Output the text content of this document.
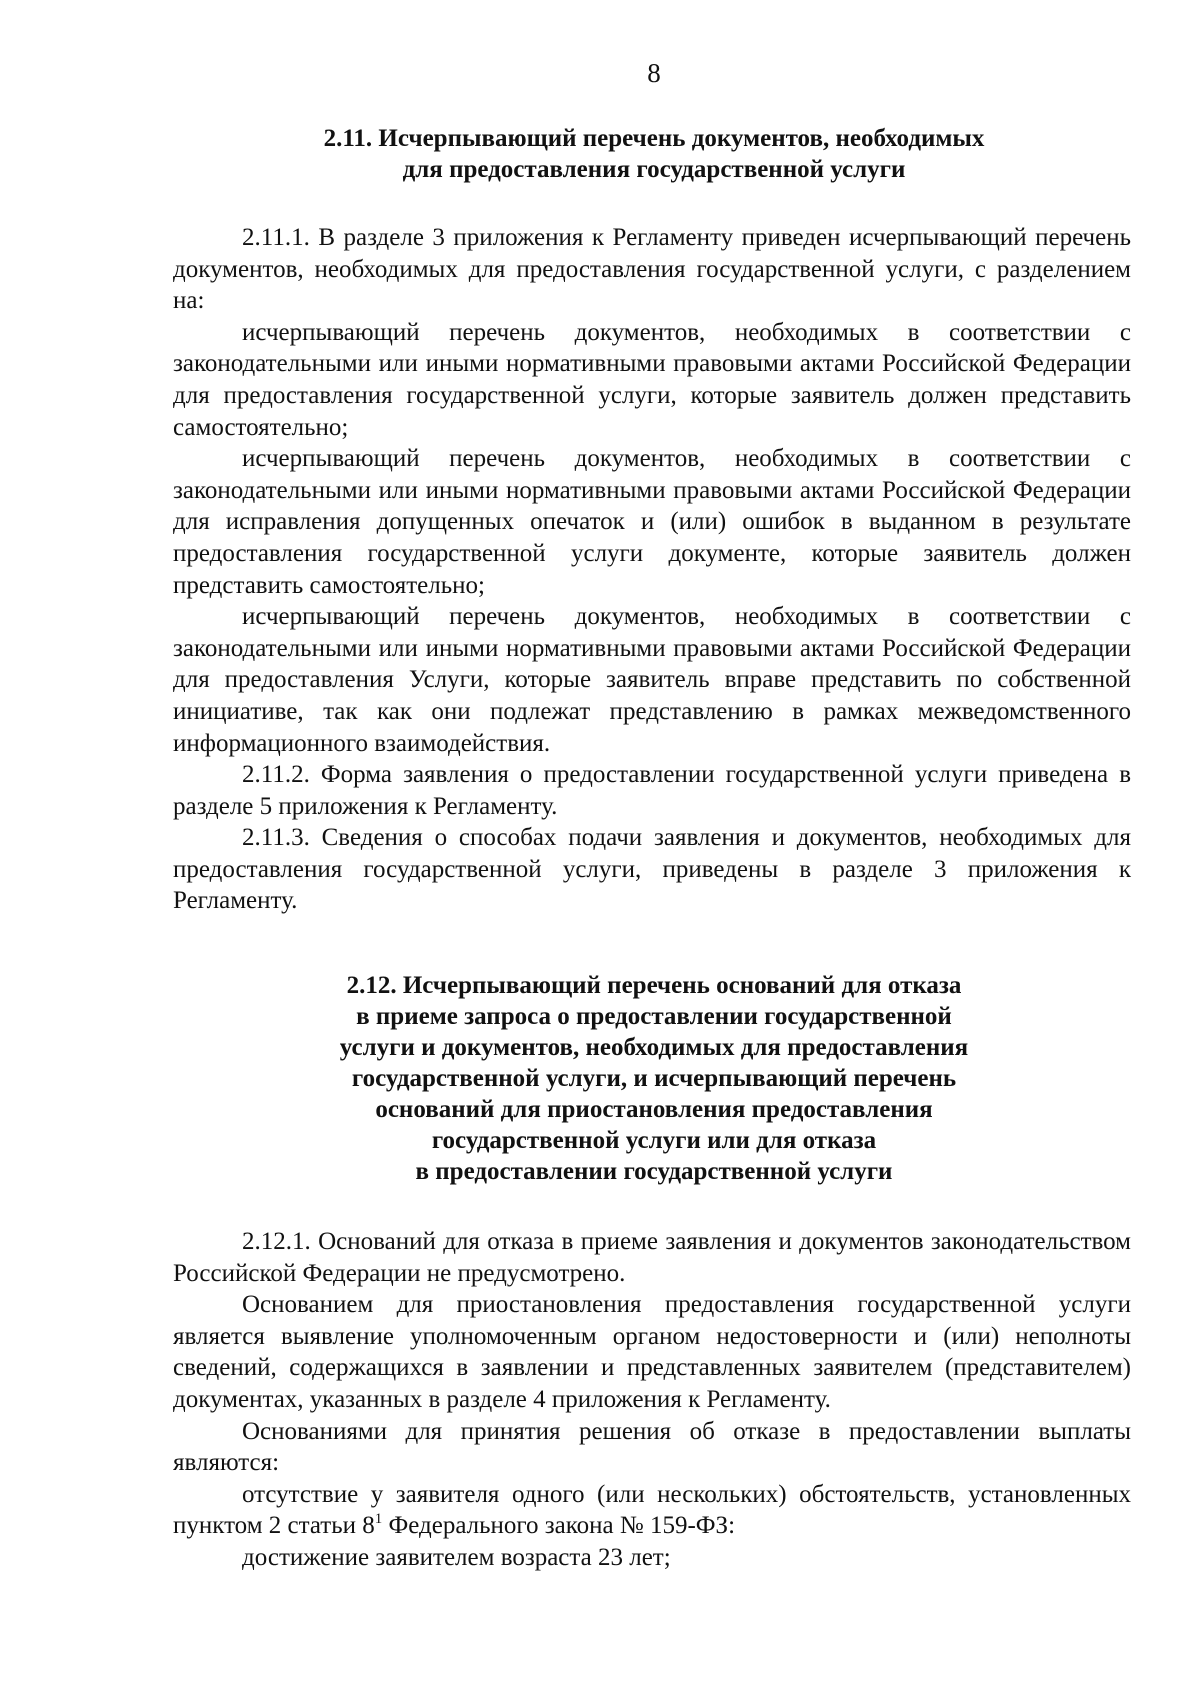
8
2.11. Исчерпывающий перечень документов, необходимых
для предоставления государственной услуги

2.11.1. В разделе 3 приложения к Регламенту приведен исчерпывающий перечень документов, необходимых для предоставления государственной услуги, с разделением на:

исчерпывающий перечень документов, необходимых в соответствии с законодательными или иными нормативными правовыми актами Российской Федерации для предоставления государственной услуги, которые заявитель должен представить самостоятельно;

исчерпывающий перечень документов, необходимых в соответствии с законодательными или иными нормативными правовыми актами Российской Федерации для исправления допущенных опечаток и (или) ошибок в выданном в результате предоставления государственной услуги документе, которые заявитель должен представить самостоятельно;

исчерпывающий перечень документов, необходимых в соответствии с законодательными или иными нормативными правовыми актами Российской Федерации для предоставления Услуги, которые заявитель вправе представить по собственной инициативе, так как они подлежат представлению в рамках межведомственного информационного взаимодействия.

2.11.2. Форма заявления о предоставлении государственной услуги приведена в разделе 5 приложения к Регламенту.

2.11.3. Сведения о способах подачи заявления и документов, необходимых для предоставления государственной услуги, приведены в разделе 3 приложения к Регламенту.

2.12. Исчерпывающий перечень оснований для отказа
в приеме запроса о предоставлении государственной
услуги и документов, необходимых для предоставления
государственной услуги, и исчерпывающий перечень
оснований для приостановления предоставления
государственной услуги или для отказа
в предоставлении государственной услуги

2.12.1. Оснований для отказа в приеме заявления и документов законодательством Российской Федерации не предусмотрено.

Основанием для приостановления предоставления государственной услуги является выявление уполномоченным органом недостоверности и (или) неполноты сведений, содержащихся в заявлении и представленных заявителем (представителем) документах, указанных в разделе 4 приложения к Регламенту.

Основаниями для принятия решения об отказе в предоставлении выплаты являются:

отсутствие у заявителя одного (или нескольких) обстоятельств, установленных пунктом 2 статьи $8^1$ Федерального закона № 159-ФЗ:

достижение заявителем возраста 23 лет;
